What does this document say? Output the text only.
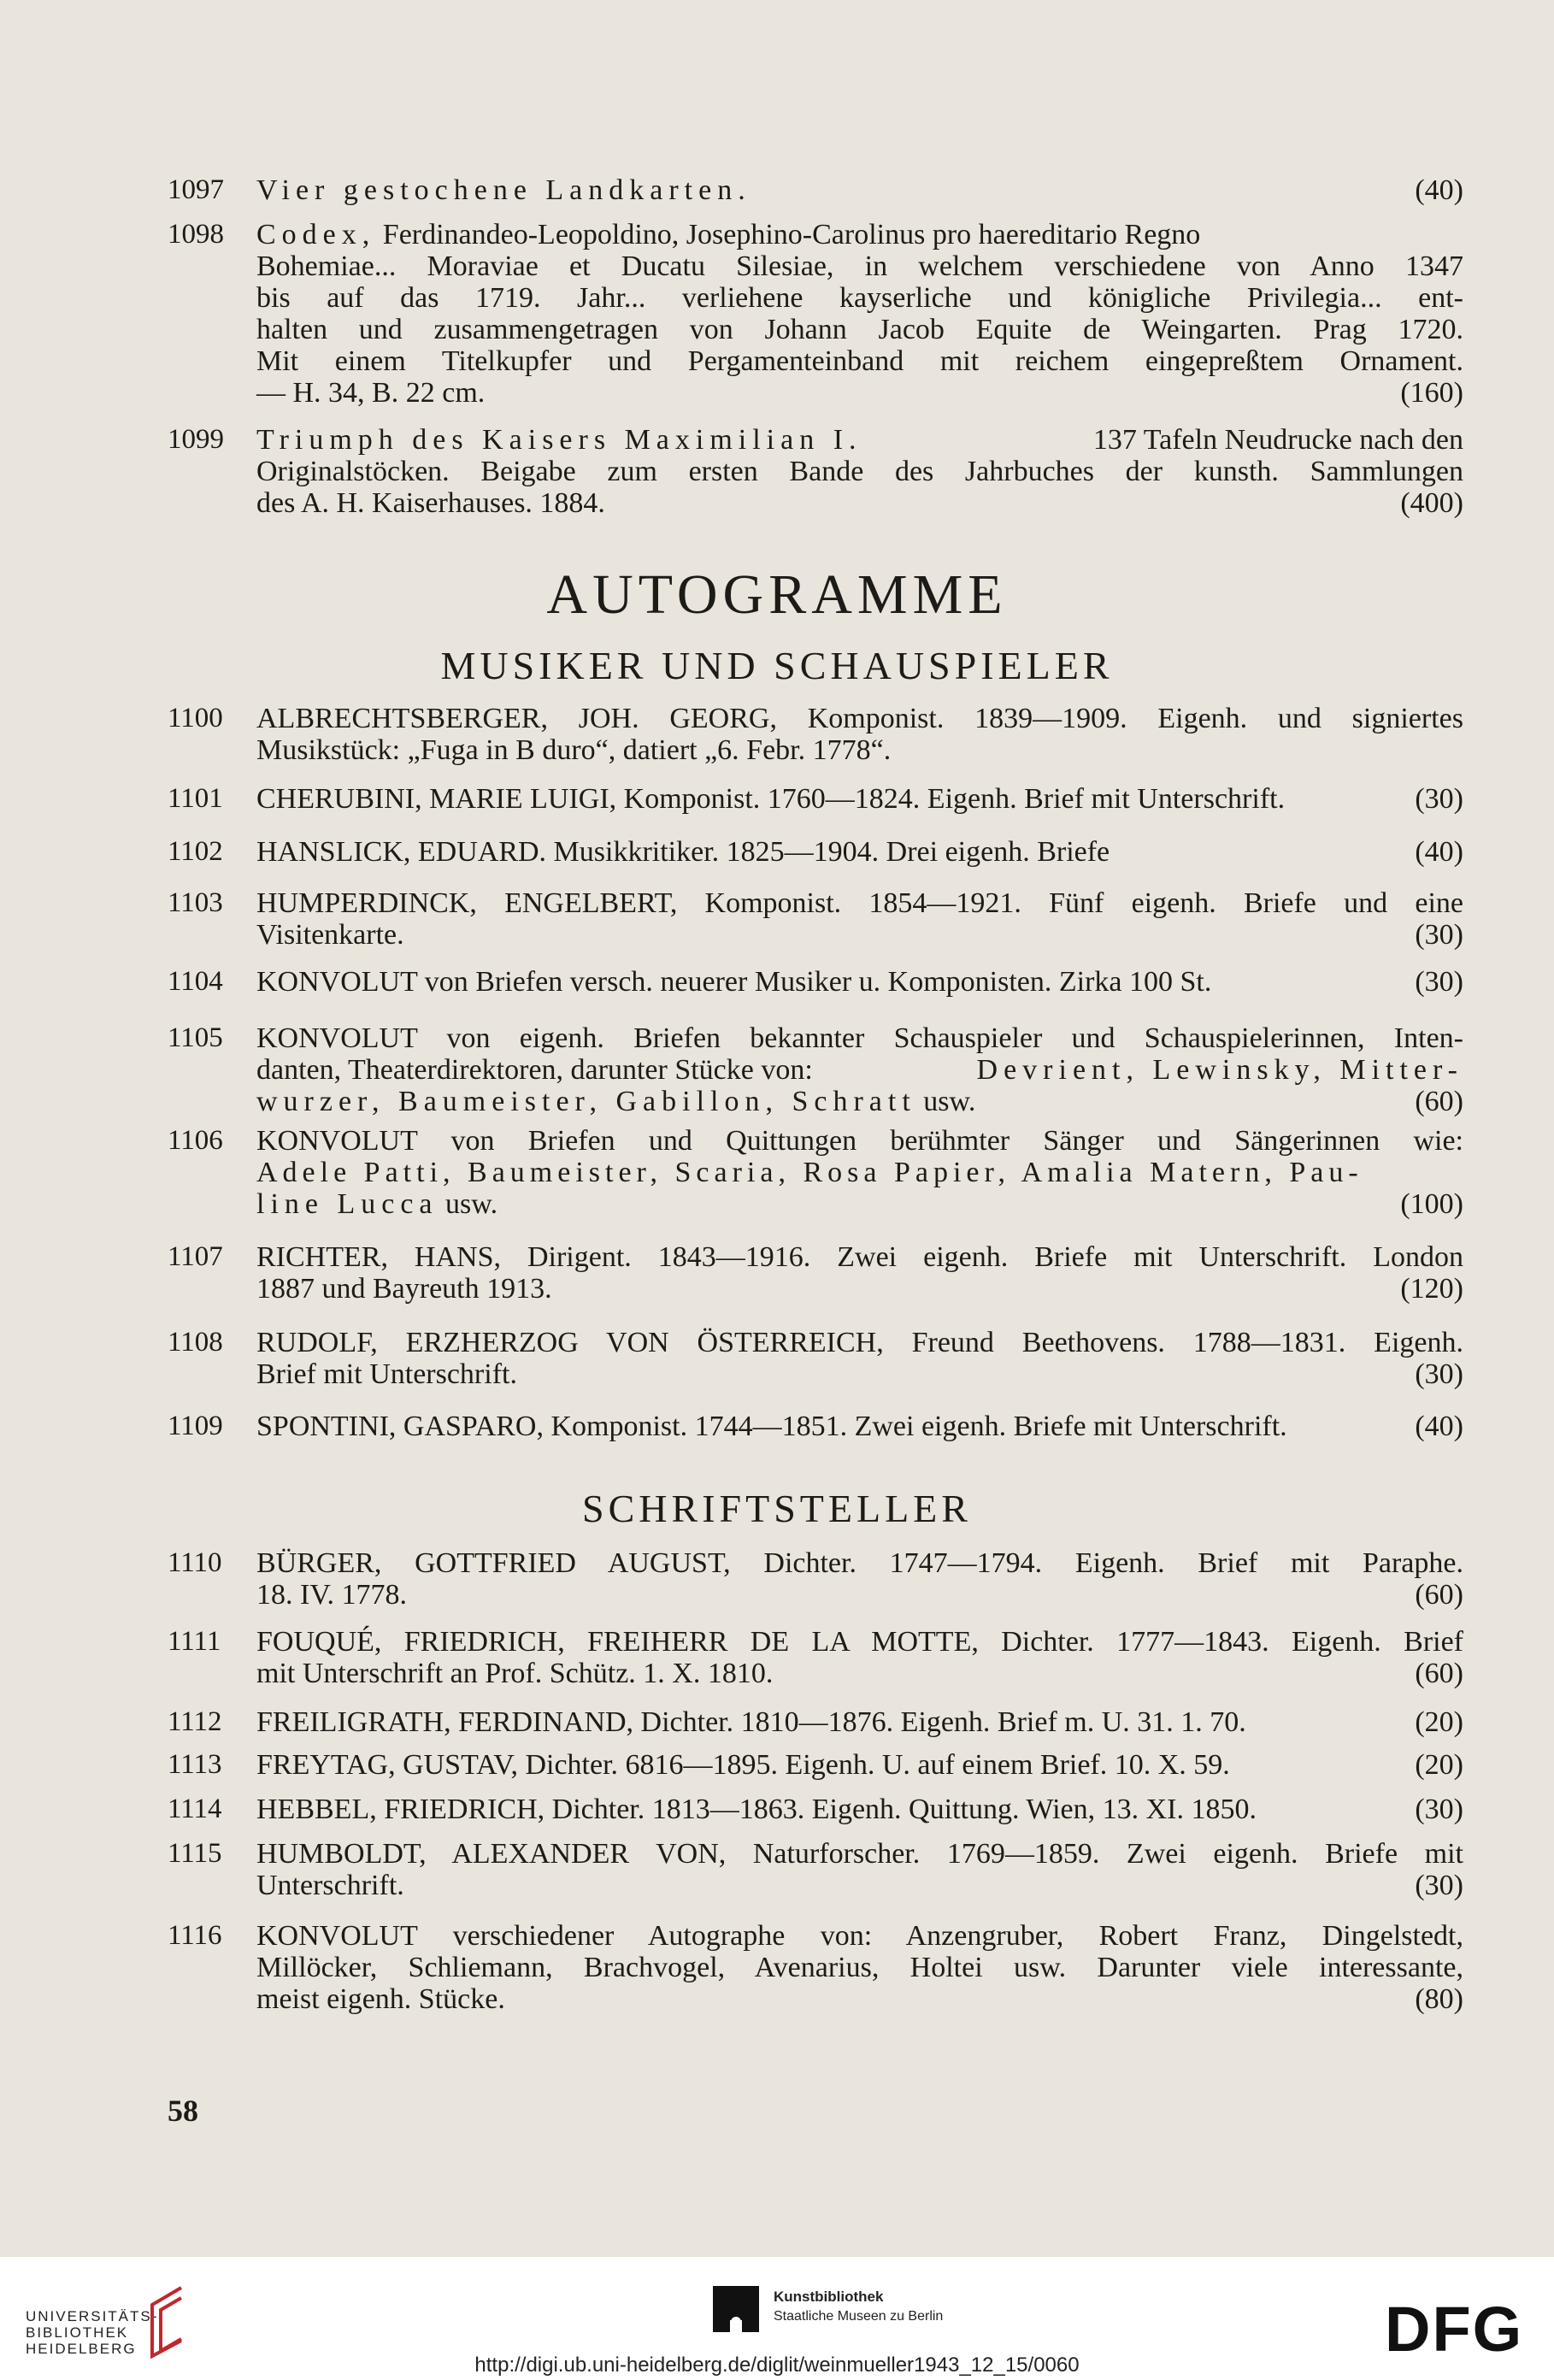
1097 Vier gestochene Landkarten.	(40)
1098 Codex, Ferdinandeo-Leopoldino, Josephino-Carolinus pro haereditario Regno
Bohemiae... Moraviae et Ducatu Silesiae, in welchem verschiedene von Anno 1347
bis auf das 1719. Jahr... verliehene kayserliche und königliche Privilegia... ent-
halten und zusammengetragen von Johann Jacob Equite de Weingarten. Prag 1720.
Mit einem Titelkupfer und Pergamenteinband mit reichem eingepreßtem Ornament.
— H. 34, B. 22 cm.	(160)
1099 Triumph des Kaisers Maximilian I.	137 Tafeln Neudrucke nach den
Originalstöcken. Beigabe zum ersten Bande des Jahrbuches der kunsth. Sammlungen
des A. H. Kaiserhauses. 1884.	(400)
AUTOGRAMME
MUSIKER UND SCHAUSPIELER
1100 ALBRECHTSBERGER, JOH. GEORG, Komponist. 1839—1909. Eigenh. und signiertes
Musikstück: „Fuga in B duro“, datiert „6. Febr. 1778“.
1101 CHERUBINI, MARIE LUIGI, Komponist. 1760—1824. Eigenh. Brief mit Unterschrift.	(30)
1102 HANSLICK, EDUARD. Musikkritiker. 1825—1904. Drei eigenh. Briefe	(40)
1103 HUMPERDINCK, ENGELBERT, Komponist. 1854—1921. Fünf eigenh. Briefe und eine
Visitenkarte.	(30)
1104 KONVOLUT von Briefen versch. neuerer Musiker u. Komponisten. Zirka 100 St.	(30)
1105 KONVOLUT von eigenh. Briefen bekannter Schauspieler und Schauspielerinnen, Inten-
danten, Theaterdirektoren, darunter Stücke von:	Devrient, Lewinsky, Mitter-
wurzer, Baumeister, Gabillon, Schratt usw.	(60)
1106 KONVOLUT von Briefen und Quittungen berühmter Sänger und Sängerinnen wie:
Adele Patti, Baumeister, Scaria, Rosa Papier, Amalia Matern, Pau-
line Lucca usw.	(100)
1107 RICHTER, HANS, Dirigent. 1843—1916. Zwei eigenh. Briefe mit Unterschrift. London
1887 und Bayreuth 1913.	(120)
1108 RUDOLF, ERZHERZOG VON ÖSTERREICH, Freund Beethovens. 1788—1831. Eigenh.
Brief mit Unterschrift.	(30)
1109 SPONTINI, GASPARO, Komponist. 1744—1851. Zwei eigenh. Briefe mit Unterschrift.	(40)
SCHRIFTSTELLER
1110 BÜRGER, GOTTFRIED AUGUST, Dichter. 1747—1794. Eigenh. Brief mit Paraphe.
18. IV. 1778.	(60)
1111 FOUQUÉ, FRIEDRICH, FREIHERR DE LA MOTTE, Dichter. 1777—1843. Eigenh. Brief
mit Unterschrift an Prof. Schütz. 1. X. 1810.	(60)
1112 FREILIGRATH, FERDINAND, Dichter. 1810—1876. Eigenh. Brief m. U. 31. 1. 70.	(20)
1113 FREYTAG, GUSTAV, Dichter. 6816—1895. Eigenh. U. auf einem Brief. 10. X. 59.	(20)
1114 HEBBEL, FRIEDRICH, Dichter. 1813—1863. Eigenh. Quittung. Wien, 13. XI. 1850.	(30)
1115 HUMBOLDT, ALEXANDER VON, Naturforscher. 1769—1859. Zwei eigenh. Briefe mit
Unterschrift.	(30)
1116 KONVOLUT verschiedener Autographe von: Anzengruber, Robert Franz, Dingelstedt,
Millöcker, Schliemann, Brachvogel, Avenarius, Holtei usw. Darunter viele interessante,
meist eigenh. Stücke.	(80)
58
UNIVERSITÄTS-
BIBLIOTHEK
HEIDELBERG
Kunstbibliothek
Staatliche Museen zu Berlin	DFG
http://digi.ub.uni-heidelberg.de/diglit/weinmueller1943_12_15/0060
